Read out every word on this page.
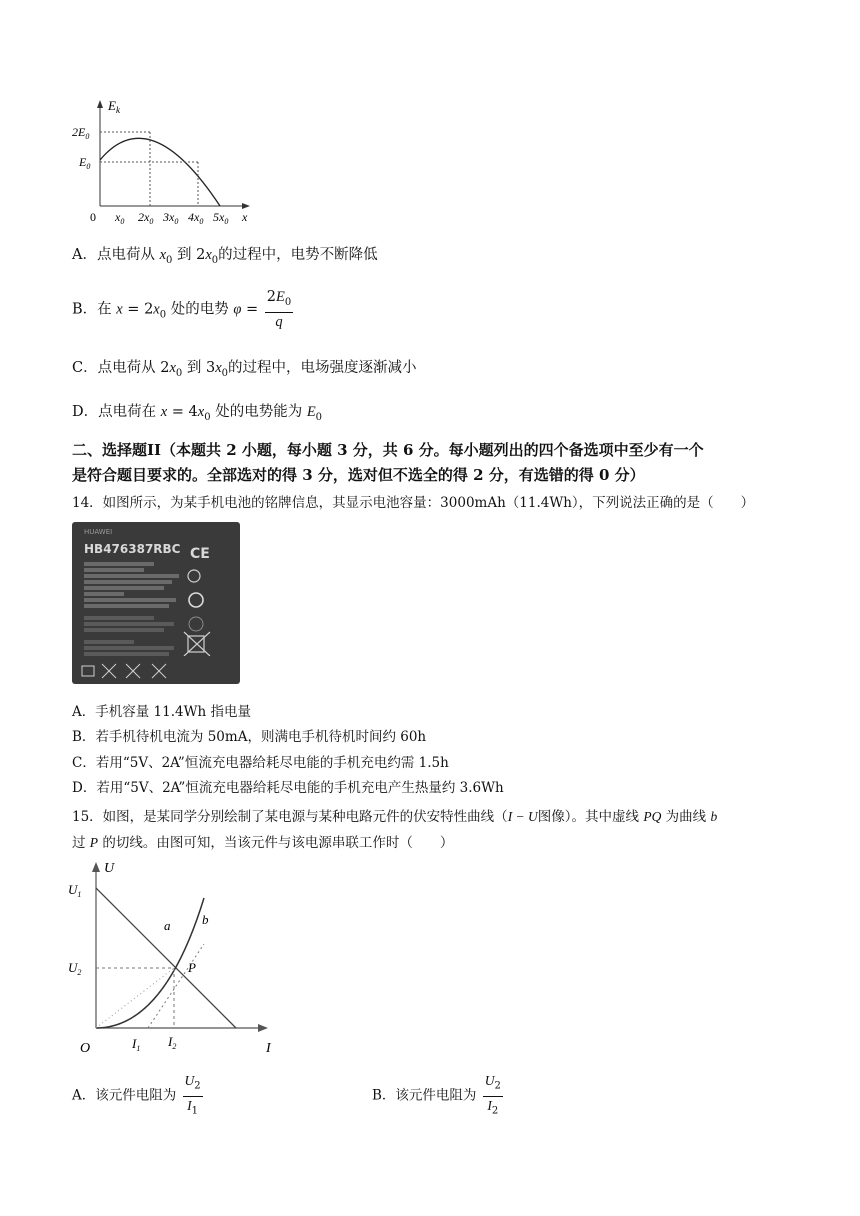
$E_k$
$2E_0$
$E_0$
0 $x_0$ $2x_0$ $3x_0$ $4x_0$ $5x_0$ x
A．点电荷从 $x_0$ 到 $2x_0$的过程中，电势不断降低
B．在 $x = 2x_0$ 处的电势 $\varphi = \frac{2E_0}{q}$
C．点电荷从 $2x_0$ 到 $3x_0$的过程中，电场强度逐渐减小
D．点电荷在 $x = 4x_0$ 处的电势能为 $E_0$
二、选择题II（本题共 2 小题，每小题 3 分，共 6 分。每小题列出的四个备选项中至少有一个
是符合题目要求的。全部选对的得 3 分，选对但不选全的得 2 分，有选错的得 0 分）
14．如图所示，为某手机电池的铭牌信息，其显示电池容量：3000mAh（11.4Wh），下列说法正确的是（　　）
HUAWEI
HB476387RBC CE
A．手机容量 11.4Wh 指电量
B．若手机待机电流为 50mA，则满电手机待机时间约 60h
C．若用“5V、2A”恒流充电器给耗尽电能的手机充电约需 1.5h
D．若用“5V、2A”恒流充电器给耗尽电能的手机充电产生热量约 3.6Wh
15．如图，是某同学分别绘制了某电源与某种电路元件的伏安特性曲线（I − U图像）。其中虚线 PQ 为曲线 b
过 P 的切线。由图可知，当该元件与该电源串联工作时（　　）
U
$U_1$
$U_2$
a b
P
O	$I_1$ $I_2$	I
A．该元件电阻为 $\frac{U_2}{I_1}$	B．该元件电阻为 $\frac{U_2}{I_2}$
